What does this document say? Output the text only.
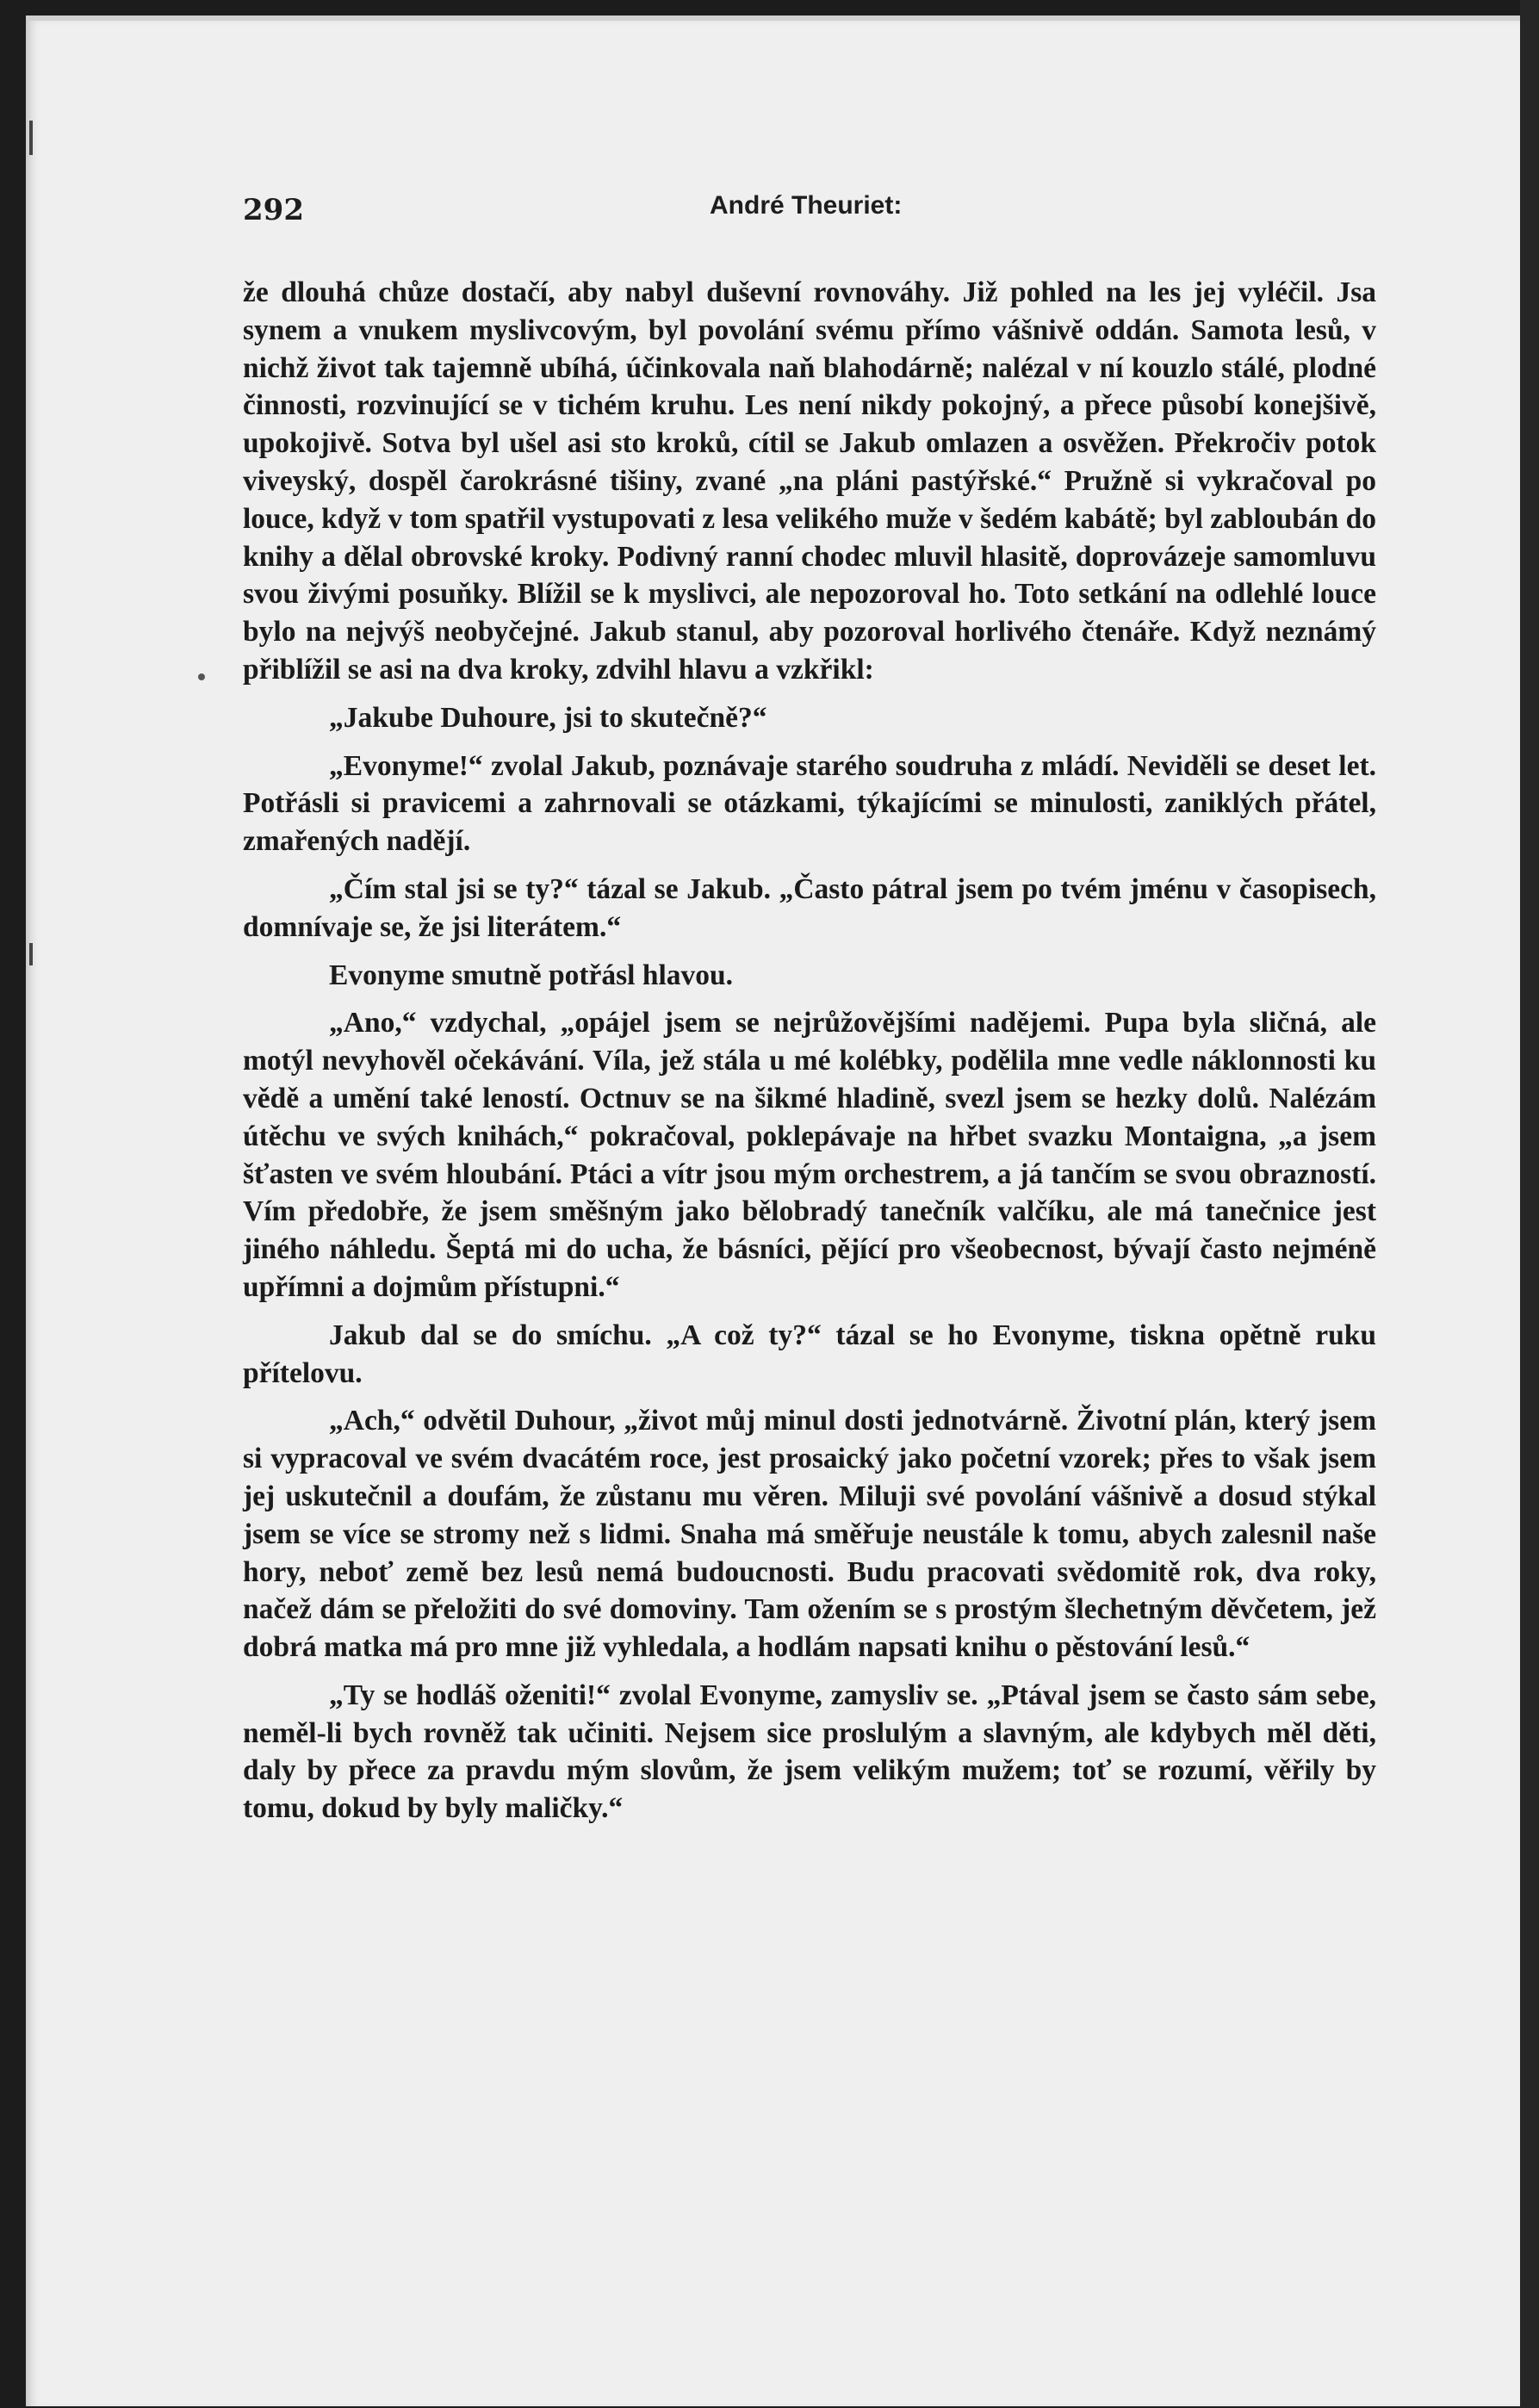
292	André Theuriet:

že dlouhá chůze dostačí, aby nabyl duševní rovnováhy. Již pohled na les jej vyléčil. Jsa synem a vnukem myslivcovým, byl povolání svému přímo vášnivě oddán. Samota lesů, v nichž život tak tajemně ubíhá, účinkovala naň blahodárně; nalézal v ní kouzlo stálé, plodné činnosti, rozvinující se v tichém kruhu. Les není nikdy pokojný, a přece působí konejšivě, upokojivě. Sotva byl ušel asi sto kroků, cítil se Jakub omlazen a osvěžen. Překročiv potok viveyský, dospěl čarokrásné tišiny, zvané „na pláni pastýřské.“ Pružně si vykračoval po louce, když v tom spatřil vystupovati z lesa velikého muže v šedém kabátě; byl zabloubán do knihy a dělal obrovské kroky. Podivný ranní chodec mluvil hlasitě, doprovázeje samomluvu svou živými posuňky. Blížil se k myslivci, ale nepozoroval ho. Toto setkání na odlehlé louce bylo na nejvýš neobyčejné. Jakub stanul, aby pozoroval horlivého čtenáře. Když neznámý přiblížil se asi na dva kroky, zdvihl hlavu a vzkřikl:

„Jakube Duhoure, jsi to skutečně?“

„Evonyme!“ zvolal Jakub, poznávaje starého soudruha z mládí. Neviděli se deset let. Potřásli si pravicemi a zahrnovali se otázkami, týkajícími se minulosti, zaniklých přátel, zmařených nadějí.

„Čím stal jsi se ty?“ tázal se Jakub. „Často pátral jsem po tvém jménu v časopisech, domnívaje se, že jsi literátem.“

Evonyme smutně potřásl hlavou.

„Ano,“ vzdychal, „opájel jsem se nejrůžovějšími nadějemi. Pupa byla sličná, ale motýl nevyhověl očekávání. Víla, jež stála u mé kolébky, podělila mne vedle náklonnosti ku vědě a umění také leností. Octnuv se na šikmé hladině, svezl jsem se hezky dolů. Nalézám útěchu ve svých knihách,“ pokračoval, poklepávaje na hřbet svazku Montaigna, „a jsem šťasten ve svém hloubání. Ptáci a vítr jsou mým orchestrem, a já tančím se svou obrazností. Vím předobře, že jsem směšným jako bělobradý tanečník valčíku, ale má tanečnice jest jiného náhledu. Šeptá mi do ucha, že básníci, pějící pro všeobecnost, bývají často nejméně upřímni a dojmům přístupni.“

Jakub dal se do smíchu. „A což ty?“ tázal se ho Evonyme, tiskna opětně ruku přítelovu.

„Ach,“ odvětil Duhour, „život můj minul dosti jednotvárně. Životní plán, který jsem si vypracoval ve svém dvacátém roce, jest prosaický jako početní vzorek; přes to však jsem jej uskutečnil a doufám, že zůstanu mu věren. Miluji své povolání vášnivě a dosud stýkal jsem se více se stromy než s lidmi. Snaha má směřuje neustále k tomu, abych zalesnil naše hory, neboť země bez lesů nemá budoucnosti. Budu pracovati svědomitě rok, dva roky, načež dám se přeložiti do své domoviny. Tam ožením se s prostým šlechetným děvčetem, jež dobrá matka má pro mne již vyhledala, a hodlám napsati knihu o pěstování lesů.“

„Ty se hodláš oženiti!“ zvolal Evonyme, zamysliv se. „Ptával jsem se často sám sebe, neměl-li bych rovněž tak učiniti. Nejsem sice proslulým a slavným, ale kdybych měl děti, daly by přece za pravdu mým slovům, že jsem velikým mužem; toť se rozumí, věřily by tomu, dokud by byly maličky.“
